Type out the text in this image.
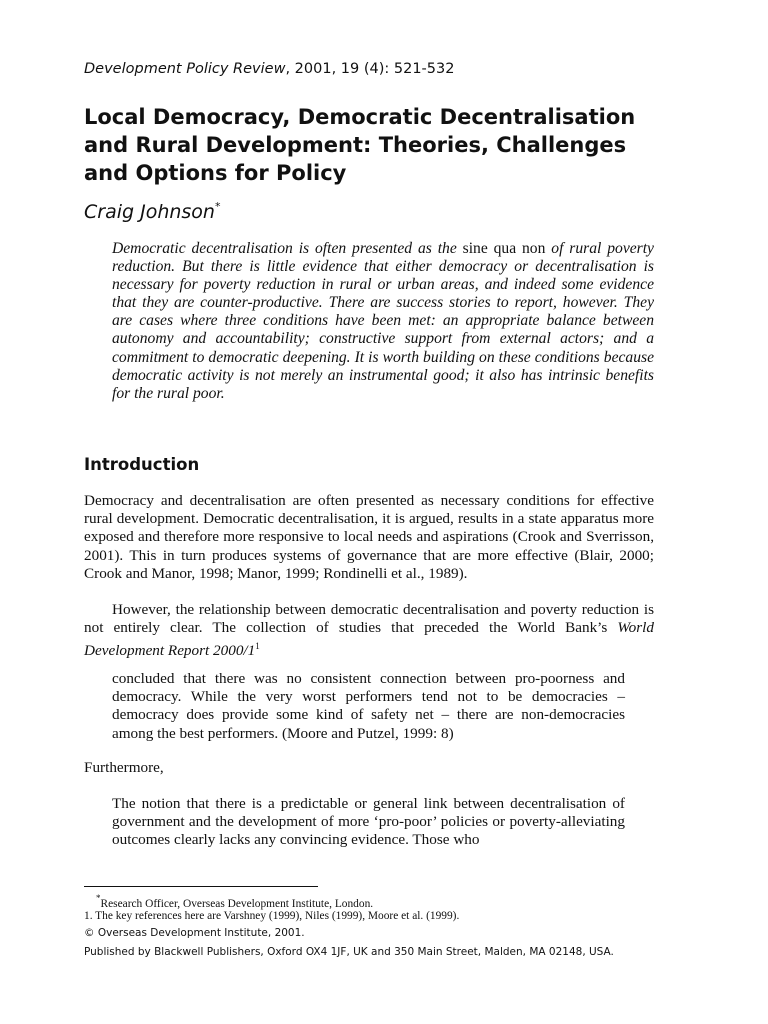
Development Policy Review, 2001, 19 (4): 521-532
Local Democracy, Democratic Decentralisation
and Rural Development: Theories, Challenges
and Options for Policy
Craig Johnson*

Democratic decentralisation is often presented as the sine qua non of rural poverty reduction. But there is little evidence that either democracy or decentralisation is necessary for poverty reduction in rural or urban areas, and indeed some evidence that they are counter-productive. There are success stories to report, however. They are cases where three conditions have been met: an appropriate balance between autonomy and accountability; constructive support from external actors; and a commitment to democratic deepening. It is worth building on these conditions because democratic activity is not merely an instrumental good; it also has intrinsic benefits for the rural poor.

Introduction

Democracy and decentralisation are often presented as necessary conditions for effective rural development. Democratic decentralisation, it is argued, results in a state apparatus more exposed and therefore more responsive to local needs and aspirations (Crook and Sverrisson, 2001). This in turn produces systems of governance that are more effective (Blair, 2000; Crook and Manor, 1998; Manor, 1999; Rondinelli et al., 1989).

However, the relationship between democratic decentralisation and poverty reduction is not entirely clear. The collection of studies that preceded the World Bank’s World Development Report $2000/1^1$

concluded that there was no consistent connection between pro-poorness and democracy. While the very worst performers tend not to be democracies – democracy does provide some kind of safety net – there are non-democracies among the best performers. (Moore and Putzel, 1999: 8)

Furthermore,

The notion that there is a predictable or general link between decentralisation of government and the development of more ‘pro-poor’ policies or poverty-alleviating outcomes clearly lacks any convincing evidence. Those who

*Research Officer, Overseas Development Institute, London.

1. The key references here are Varshney (1999), Niles (1999), Moore et al. (1999).

© Overseas Development Institute, 2001.

Published by Blackwell Publishers, Oxford OX4 1JF, UK and 350 Main Street, Malden, MA 02148, USA.
